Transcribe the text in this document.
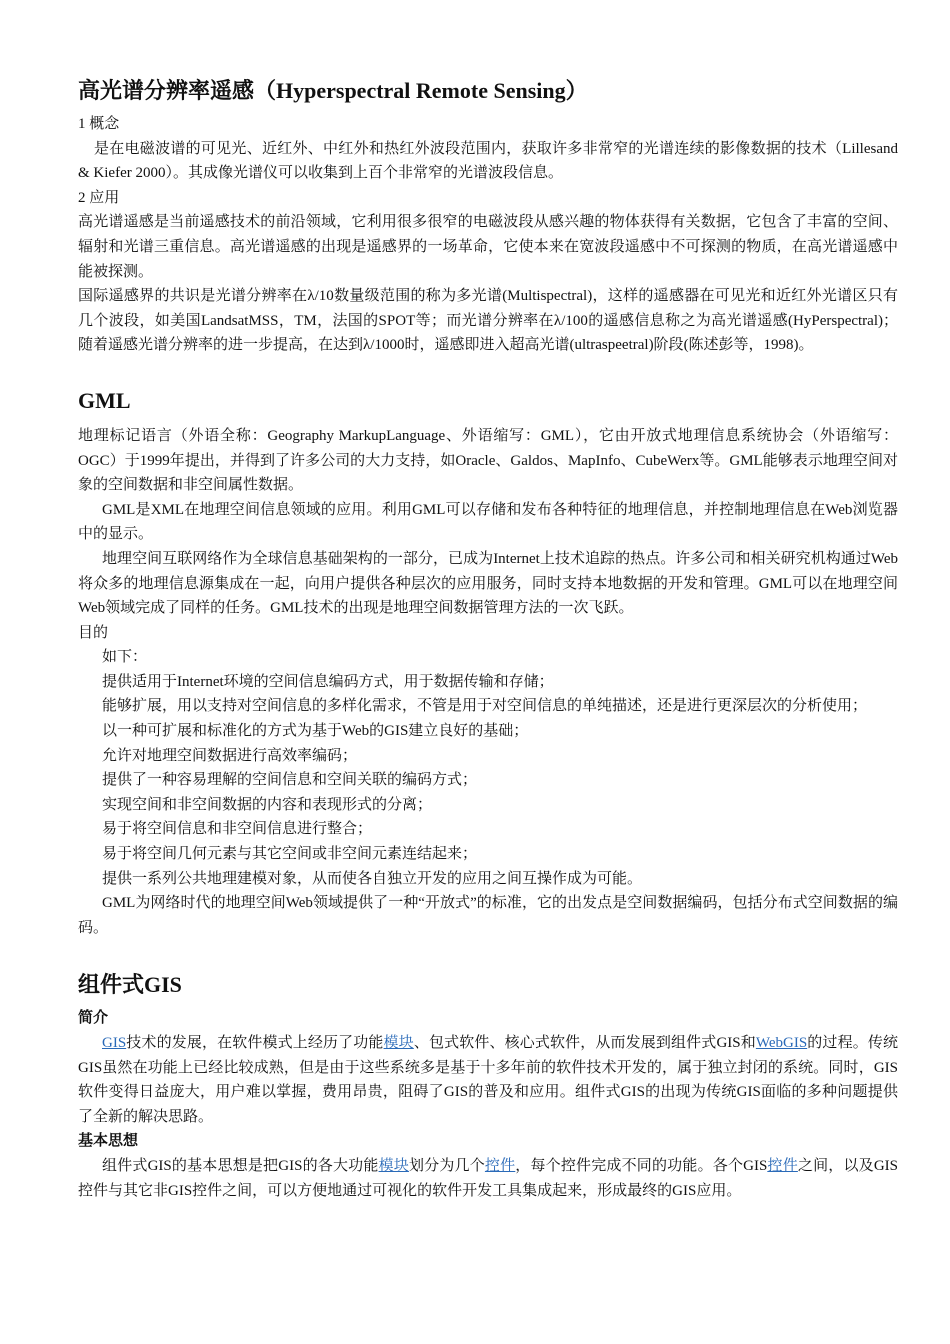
高光谱分辨率遥感（Hyperspectral Remote Sensing）
1 概念

是在电磁波谱的可见光、近红外、中红外和热红外波段范围内，获取许多非常窄的光谱连续的影像数据的技术（Lillesand & Kiefer 2000）。其成像光谱仪可以收集到上百个非常窄的光谱波段信息。

2 应用

高光谱遥感是当前遥感技术的前沿领域，它利用很多很窄的电磁波段从感兴趣的物体获得有关数据，它包含了丰富的空间、辐射和光谱三重信息。高光谱遥感的出现是遥感界的一场革命，它使本来在宽波段遥感中不可探测的物质，在高光谱遥感中能被探测。

国际遥感界的共识是光谱分辨率在λ/10数量级范围的称为多光谱(Multispectral)，这样的遥感器在可见光和近红外光谱区只有几个波段，如美国LandsatMSS，TM，法国的SPOT等；而光谱分辨率在λ/100的遥感信息称之为高光谱遥感(HyPerspectral)；随着遥感光谱分辨率的进一步提高，在达到λ/1000时，遥感即进入超高光谱(ultraspeetral)阶段(陈述彭等，1998)。

GML

地理标记语言（外语全称：Geography MarkupLanguage、外语缩写：GML），它由开放式地理信息系统协会（外语缩写：OGC）于1999年提出，并得到了许多公司的大力支持，如Oracle、Galdos、MapInfo、CubeWerx等。GML能够表示地理空间对象的空间数据和非空间属性数据。

GML是XML在地理空间信息领域的应用。利用GML可以存储和发布各种特征的地理信息，并控制地理信息在Web浏览器中的显示。

地理空间互联网络作为全球信息基础架构的一部分，已成为Internet上技术追踪的热点。许多公司和相关研究机构通过Web将众多的地理信息源集成在一起，向用户提供各种层次的应用服务，同时支持本地数据的开发和管理。GML可以在地理空间Web领域完成了同样的任务。GML技术的出现是地理空间数据管理方法的一次飞跃。

目的

如下：

提供适用于Internet环境的空间信息编码方式，用于数据传输和存储；

能够扩展，用以支持对空间信息的多样化需求，不管是用于对空间信息的单纯描述，还是进行更深层次的分析使用；

以一种可扩展和标准化的方式为基于Web的GIS建立良好的基础；

允许对地理空间数据进行高效率编码；

提供了一种容易理解的空间信息和空间关联的编码方式；

实现空间和非空间数据的内容和表现形式的分离；

易于将空间信息和非空间信息进行整合；

易于将空间几何元素与其它空间或非空间元素连结起来；

提供一系列公共地理建模对象，从而使各自独立开发的应用之间互操作成为可能。

GML为网络时代的地理空间Web领域提供了一种“开放式”的标准，它的出发点是空间数据编码，包括分布式空间数据的编码。

组件式GIS
简介

GIS技术的发展，在软件模式上经历了功能模块、包式软件、核心式软件，从而发展到组件式GIS和WebGIS的过程。传统GIS虽然在功能上已经比较成熟，但是由于这些系统多是基于十多年前的软件技术开发的，属于独立封闭的系统。同时，GIS软件变得日益庞大，用户难以掌握，费用昂贵，阻碍了GIS的普及和应用。组件式GIS的出现为传统GIS面临的多种问题提供了全新的解决思路。

基本思想

组件式GIS的基本思想是把GIS的各大功能模块划分为几个控件，每个控件完成不同的功能。各个GIS控件之间，以及GIS控件与其它非GIS控件之间，可以方便地通过可视化的软件开发工具集成起来，形成最终的GIS应用。
